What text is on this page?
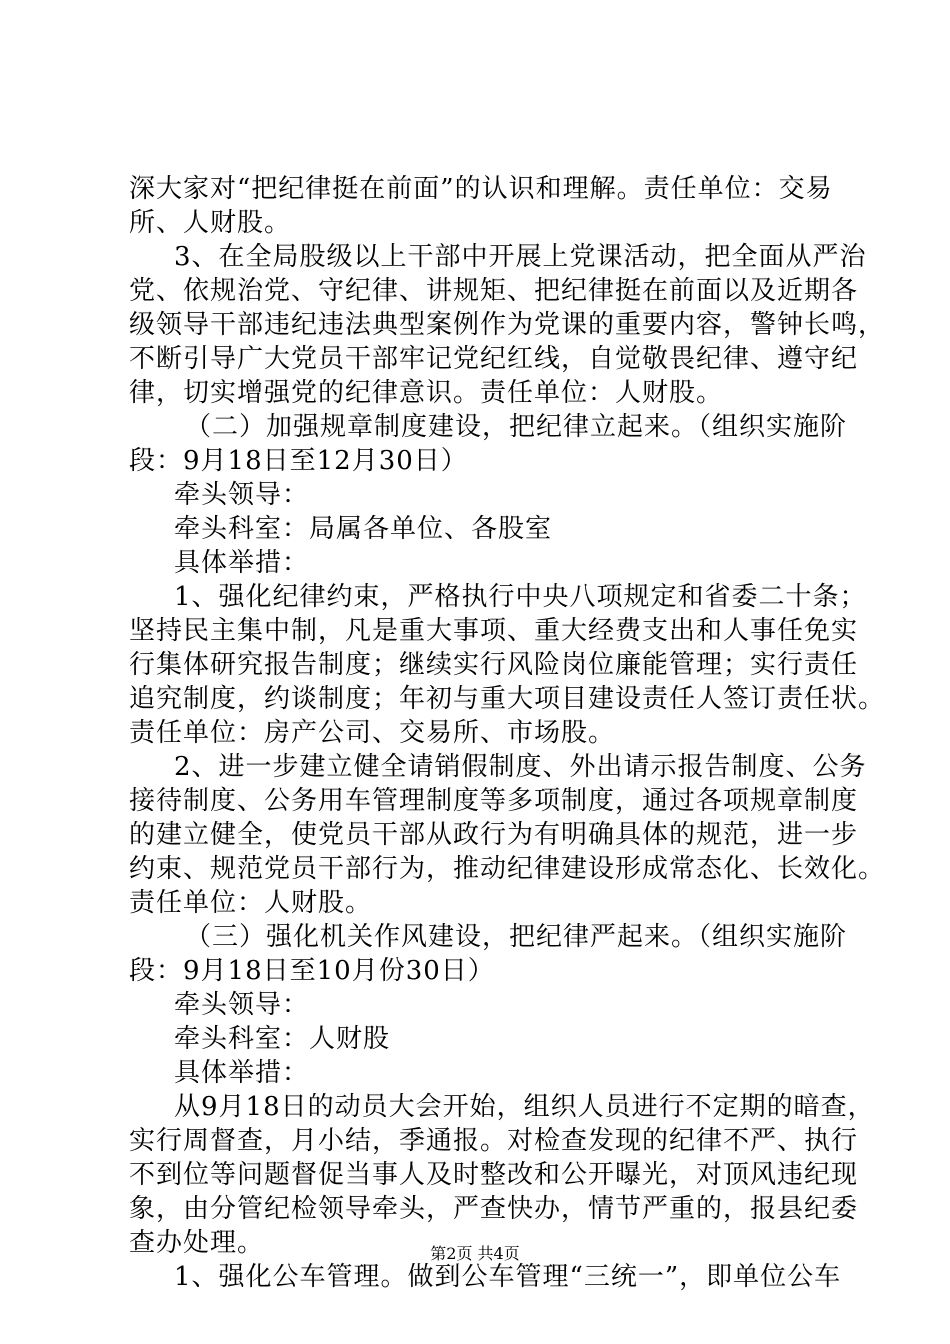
深大家对“把纪律挺在前面”的认识和理解。责任单位：交易
所、人财股。
3、在全局股级以上干部中开展上党课活动，把全面从严治
党、依规治党、守纪律、讲规矩、把纪律挺在前面以及近期各
级领导干部违纪违法典型案例作为党课的重要内容，警钟长鸣，
不断引导广大党员干部牢记党纪红线，自觉敬畏纪律、遵守纪
律，切实增强党的纪律意识。责任单位：人财股。
（二）加强规章制度建设，把纪律立起来。（组织实施阶
段：9月18日至12月30日）
牵头领导：
牵头科室：局属各单位、各股室
具体举措：
1、强化纪律约束，严格执行中央八项规定和省委二十条；
坚持民主集中制，凡是重大事项、重大经费支出和人事任免实
行集体研究报告制度；继续实行风险岗位廉能管理；实行责任
追究制度，约谈制度；年初与重大项目建设责任人签订责任状。
责任单位：房产公司、交易所、市场股。
2、进一步建立健全请销假制度、外出请示报告制度、公务
接待制度、公务用车管理制度等多项制度，通过各项规章制度
的建立健全，使党员干部从政行为有明确具体的规范，进一步
约束、规范党员干部行为，推动纪律建设形成常态化、长效化。
责任单位：人财股。
（三）强化机关作风建设，把纪律严起来。（组织实施阶
段：9月18日至10月份30日）
牵头领导：
牵头科室：人财股
具体举措：
从9月18日的动员大会开始，组织人员进行不定期的暗查，
实行周督查，月小结，季通报。对检查发现的纪律不严、执行
不到位等问题督促当事人及时整改和公开曝光，对顶风违纪现
象，由分管纪检领导牵头，严查快办，情节严重的，报县纪委
查办处理。
1、强化公车管理。做到公车管理“三统一”，即单位公车
第2页 共4页
